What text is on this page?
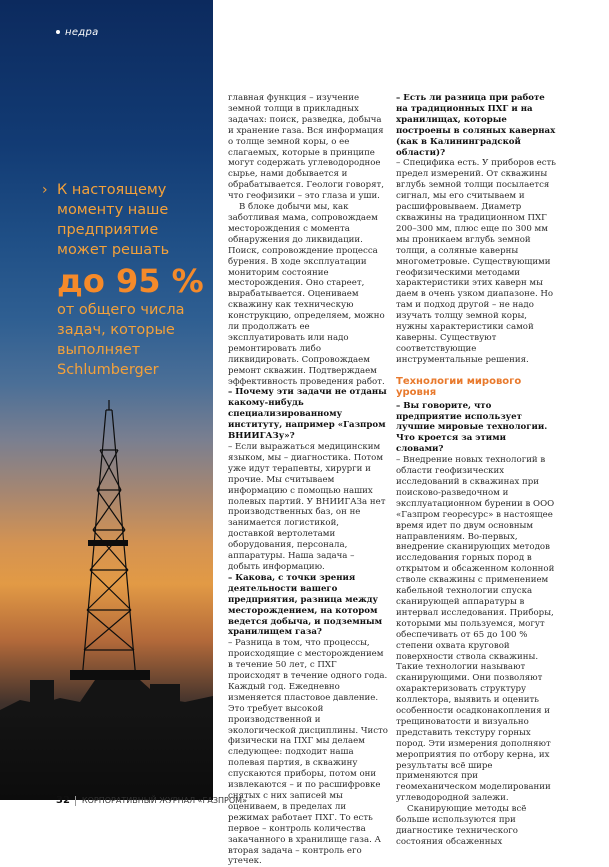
недра
› К настоящему моменту наше предприятие может решать
до 95 %
от общего числа задач, которые выполняет Schlumberger

главная функция – изучение земной толщи в прикладных задачах: поиск, разведка, добыча и хранение газа. Вся информация о толще земной коры, о ее слагаемых, которые в принципе могут содержать углеводородное сырье, нами добывается и обрабатывается. Геологи говорят, что геофизики – это глаза и уши.

В блоке добычи мы, как заботливая мама, сопровождаем месторождения с момента обнаружения до ликвидации. Поиск, сопровождение процесса бурения. В ходе эксплуатации мониторим состояние месторождения. Оно стареет, вырабатывается. Оцениваем скважину как техническую конструкцию, определяем, можно ли продолжать ее эксплуатировать или надо ремонтировать либо ликвидировать. Сопровождаем ремонт скважин. Подтверждаем эффективность проведения работ.

– Почему эти задачи не отданы какому-нибудь специализированному институту, например «Газпром ВНИИГАЗу»?

– Если выражаться медицинским языком, мы – диагностика. Потом уже идут терапевты, хирурги и прочие. Мы считываем информацию с помощью наших полевых партий. У ВНИИГАЗа нет производственных баз, он не занимается логистикой, доставкой вертолетами оборудования, персонала, аппаратуры. Наша задача – добыть информацию.

– Какова, с точки зрения деятельности вашего предприятия, разница между месторождением, на котором ведется добыча, и подземным хранилищем газа?

– Разница в том, что процессы, происходящие с месторождением в течение 50 лет, с ПХГ происходят в течение одного года. Каждый год. Ежедневно изменяется пластовое давление. Это требует высокой производственной и экологической дисциплины. Чисто физически на ПХГ мы делаем следующее: подходит наша полевая партия, в скважину спускаются приборы, потом они извлекаются – и по расшифровке снятых с них записей мы оцениваем, в пределах ли режимах работает ПХГ. То есть первое – контроль количества закачанного в хранилище газа. А вторая задача – контроль его утечек.

– Есть ли разница при работе на традиционных ПХГ и на хранилищах, которые построены в соляных кавернах (как в Калининградской области)?

– Специфика есть. У приборов есть предел измерений. От скважины вглубь земной толщи посылается сигнал, мы его считываем и расшифровываем. Диаметр скважины на традиционном ПХГ 200–300 мм, плюс еще по 300 мм мы проникаем вглубь земной толщи, а соляные каверны многометровые. Существующими геофизическими методами характеристики этих каверн мы даем в очень узком диапазоне. Но там и подход другой – не надо изучать толщу земной коры, нужны характеристики самой каверны. Существуют соответствующие инструментальные решения.

Технологии мирового уровня

– Вы говорите, что предприятие использует лучшие мировые технологии. Что кроется за этими словами?

– Внедрение новых технологий в области геофизических исследований в скважинах при поисково-разведочном и эксплуатационном бурении в ООО «Газпром георесурс» в настоящее время идет по двум основным направлениям. Во-первых, внедрение сканирующих методов исследования горных пород в открытом и обсаженном колонной стволе скважины с применением кабельной технологии спуска сканирующей аппаратуры в интервал исследования. Приборы, которыми мы пользуемся, могут обеспечивать от 65 до 100 % степени охвата круговой поверхности ствола скважины. Такие технологии называют сканирующими. Они позволяют охарактеризовать структуру коллектора, выявить и оценить особенности осадконакопления и трещиноватости и визуально представить текстуру горных пород. Эти измерения дополняют мероприятия по отбору керна, их результаты всё шире применяются при геомеханическом моделировании углеводородной залежи.

Сканирующие методы всё больше используются при диагностике технического состояния обсаженных

32 КОРПОРАТИВНЫЙ ЖУРНАЛ «ГАЗПРОМ»
